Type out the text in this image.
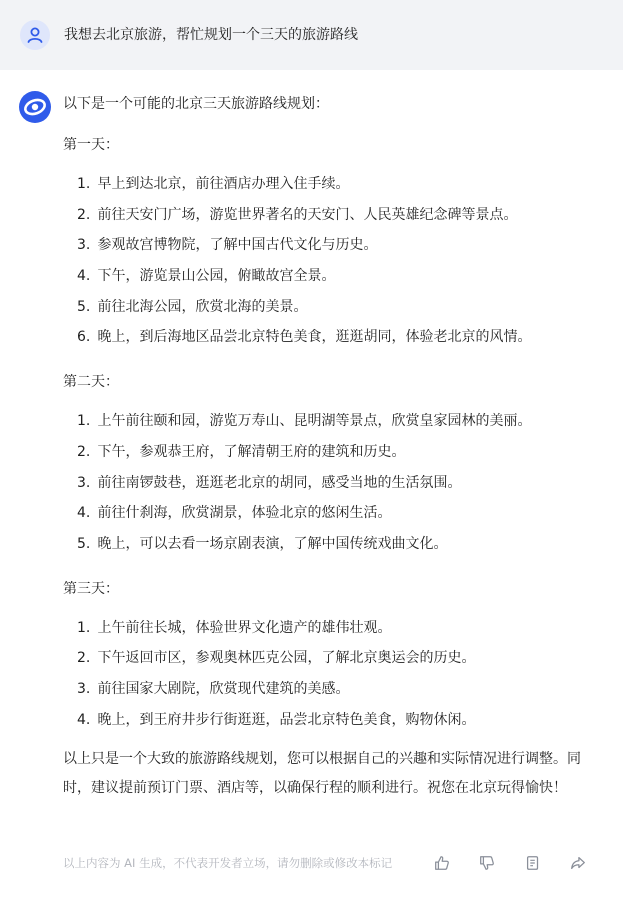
我想去北京旅游，帮忙规划一个三天的旅游路线
以下是一个可能的北京三天旅游路线规划：
第一天：
1. 早上到达北京，前往酒店办理入住手续。
2. 前往天安门广场，游览世界著名的天安门、人民英雄纪念碑等景点。
3. 参观故宫博物院，了解中国古代文化与历史。
4. 下午，游览景山公园，俯瞰故宫全景。
5. 前往北海公园，欣赏北海的美景。
6. 晚上，到后海地区品尝北京特色美食，逛逛胡同，体验老北京的风情。
第二天：
1. 上午前往颐和园，游览万寿山、昆明湖等景点，欣赏皇家园林的美丽。
2. 下午，参观恭王府，了解清朝王府的建筑和历史。
3. 前往南锣鼓巷，逛逛老北京的胡同，感受当地的生活氛围。
4. 前往什刹海，欣赏湖景，体验北京的悠闲生活。
5. 晚上，可以去看一场京剧表演，了解中国传统戏曲文化。
第三天：
1. 上午前往长城，体验世界文化遗产的雄伟壮观。
2. 下午返回市区，参观奥林匹克公园，了解北京奥运会的历史。
3. 前往国家大剧院，欣赏现代建筑的美感。
4. 晚上，到王府井步行街逛逛，品尝北京特色美食，购物休闲。
以上只是一个大致的旅游路线规划，您可以根据自己的兴趣和实际情况进行调整。同时，建议提前预订门票、酒店等，以确保行程的顺利进行。祝您在北京玩得愉快！
以上内容为 AI 生成，不代表开发者立场，请勿删除或修改本标记
